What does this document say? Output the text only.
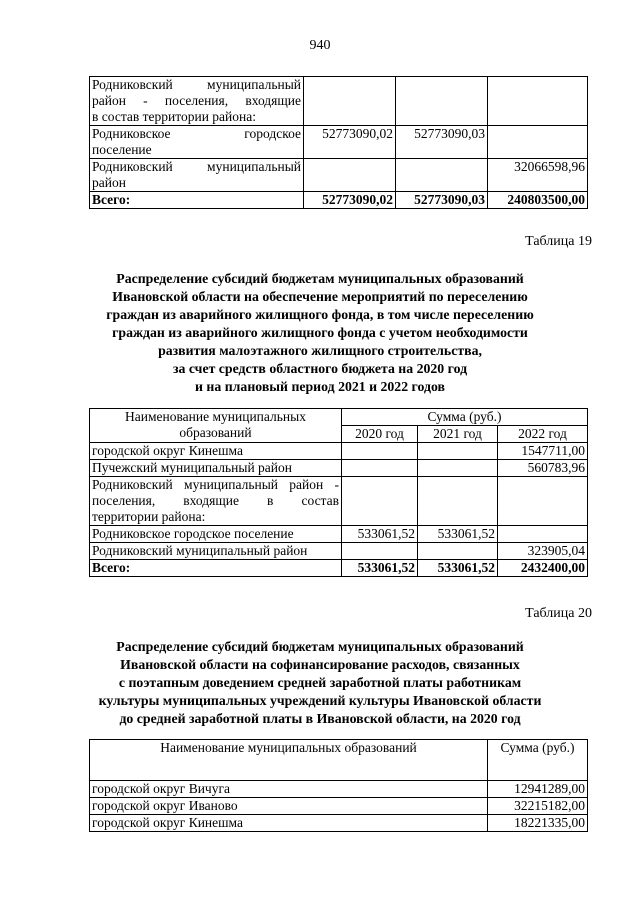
940
Родниковский муниципальный
район - поселения, входящие
в состав территории района:			

Родниковское городское
поселение	52773090,02	52773090,03	

Родниковский муниципальный
район			32066598,96
Всего:	52773090,02	52773090,03	240803500,00
Таблица 19
Распределение субсидий бюджетам муниципальных образований
Ивановской области на обеспечение мероприятий по переселению
граждан из аварийного жилищного фонда, в том числе переселению
граждан из аварийного жилищного фонда с учетом необходимости
развития малоэтажного жилищного строительства,
за счет средств областного бюджета на 2020 год
и на плановый период 2021 и 2022 годов
Наименование муниципальных
образований	Сумма (руб.)		
	2020 год	2021 год	2022 год
городской округ Кинешма			1547711,00
Пучежский муниципальный район			560783,96

Родниковский муниципальный район -
поселения, входящие в состав
территории района:			

Родниковское городское поселение	533061,52	533061,52	
Родниковский муниципальный район			323905,04
Всего:	533061,52	533061,52	2432400,00
Таблица 20
Распределение субсидий бюджетам муниципальных образований
Ивановской области на софинансирование расходов, связанных
с поэтапным доведением средней заработной платы работникам
культуры муниципальных учреждений культуры Ивановской области
до средней заработной платы в Ивановской области, на 2020 год
Наименование муниципальных образований	Сумма (руб.)
городской округ Вичуга	12941289,00
городской округ Иваново	32215182,00
городской округ Кинешма	18221335,00
